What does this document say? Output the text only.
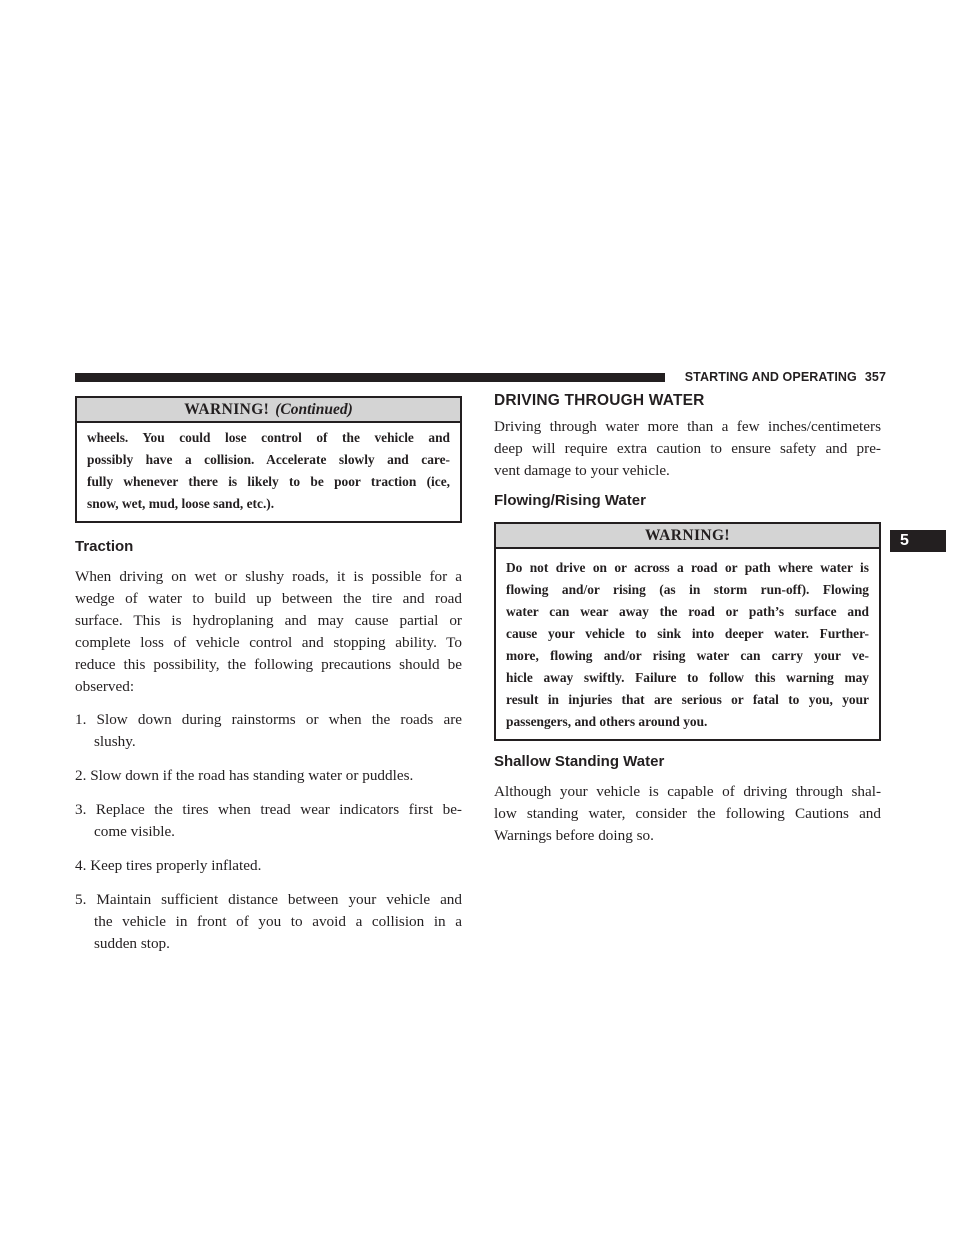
STARTING AND OPERATING 357
5
WARNING! (Continued)
wheels. You could lose control of the vehicle and
possibly have a collision. Accelerate slowly and care-
fully whenever there is likely to be poor traction (ice,
snow, wet, mud, loose sand, etc.).
Traction

When driving on wet or slushy roads, it is possible for a
wedge of water to build up between the tire and road
surface. This is hydroplaning and may cause partial or
complete loss of vehicle control and stopping ability. To
reduce this possibility, the following precautions should be
observed:

1. Slow down during rainstorms or when the roads are
slushy.
2. Slow down if the road has standing water or puddles.
3. Replace the tires when tread wear indicators first be-
come visible.
4. Keep tires properly inflated.
5. Maintain sufficient distance between your vehicle and
the vehicle in front of you to avoid a collision in a
sudden stop.
DRIVING THROUGH WATER

Driving through water more than a few inches/centimeters
deep will require extra caution to ensure safety and pre-
vent damage to your vehicle.

Flowing/Rising Water
WARNING!
Do not drive on or across a road or path where water is
flowing and/or rising (as in storm run-off). Flowing
water can wear away the road or path’s surface and
cause your vehicle to sink into deeper water. Further-
more, flowing and/or rising water can carry your ve-
hicle away swiftly. Failure to follow this warning may
result in injuries that are serious or fatal to you, your
passengers, and others around you.
Shallow Standing Water

Although your vehicle is capable of driving through shal-
low standing water, consider the following Cautions and
Warnings before doing so.
